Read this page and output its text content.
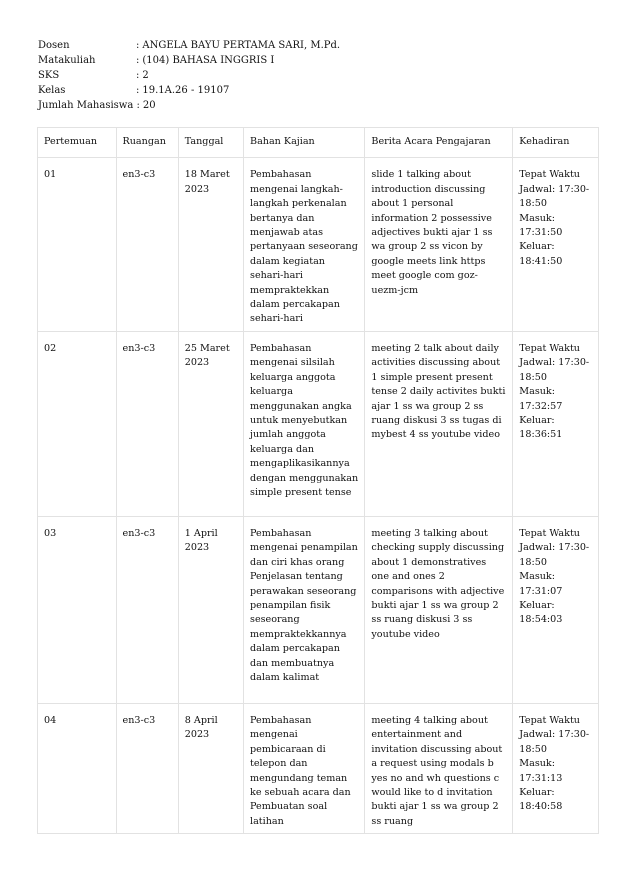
Dosen	: ANGELA BAYU PERTAMA SARI, M.Pd.
Matakuliah	: (104) BAHASA INGGRIS I
SKS	: 2
Kelas	: 19.1A.26 - 19107
Jumlah Mahasiswa : 20
Pertemuan	Ruangan	Tanggal	Bahan Kajian	Berita Acara Pengajaran	Kehadiran
01	en3-c3	18 Maret 2023	Pembahasan mengenai langkah-langkah perkenalan bertanya dan menjawab atas pertanyaan seseorang dalam kegiatan sehari-hari mempraktekkan dalam percakapan sehari-hari	slide 1 talking about introduction discussing about 1 personal information 2 possessive adjectives bukti ajar 1 ss wa group 2 ss vicon by google meets link https meet google com goz-uezm-jcm	Tepat Waktu
Jadwal: 17:30-18:50
Masuk: 17:31:50
Keluar: 18:41:50

02	en3-c3	25 Maret 2023	Pembahasan mengenai silsilah keluarga anggota keluarga menggunakan angka untuk menyebutkan jumlah anggota keluarga dan mengaplikasikannya dengan menggunakan simple present tense	meeting 2 talk about daily activities discussing about 1 simple present present tense 2 daily activites bukti ajar 1 ss wa group 2 ss ruang diskusi 3 ss tugas di mybest 4 ss youtube video	Tepat Waktu
Jadwal: 17:30-18:50
Masuk: 17:32:57
Keluar: 18:36:51

03	en3-c3	1 April 2023	Pembahasan mengenai penampilan dan ciri khas orang Penjelasan tentang perawakan seseorang penampilan fisik seseorang mempraktekkannya dalam percakapan dan membuatnya dalam kalimat	meeting 3 talking about checking supply discussing about 1 demonstratives one and ones 2 comparisons with adjective bukti ajar 1 ss wa group 2 ss ruang diskusi 3 ss youtube video	Tepat Waktu
Jadwal: 17:30-18:50
Masuk: 17:31:07
Keluar: 18:54:03

04	en3-c3	8 April 2023	Pembahasan mengenai pembicaraan di telepon dan mengundang teman ke sebuah acara dan Pembuatan soal latihan	meeting 4 talking about entertainment and invitation discussing about a request using modals b yes no and wh questions c would like to d invitation bukti ajar 1 ss wa group 2 ss ruang	Tepat Waktu
Jadwal: 17:30-18:50
Masuk: 17:31:13
Keluar: 18:40:58
